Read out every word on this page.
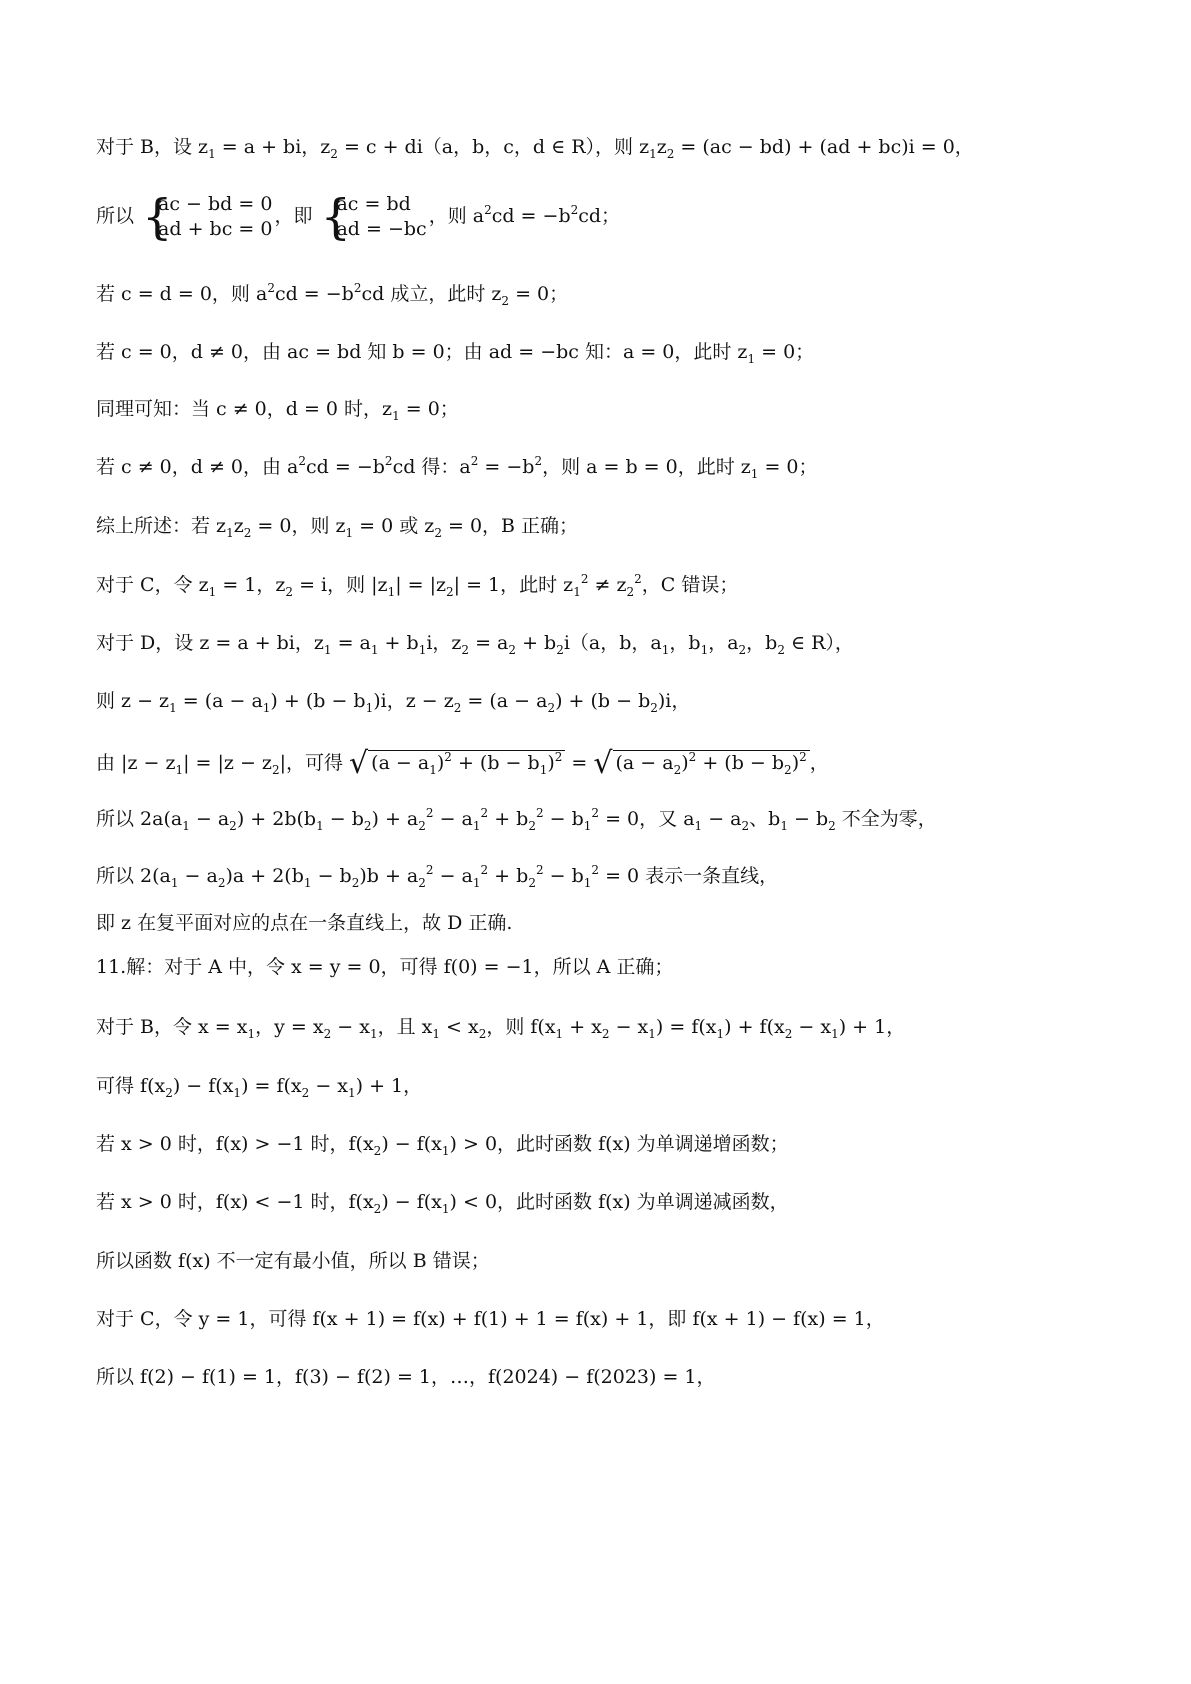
对于 B，设 $z_1 = a$ + bi，$z_2 = c + di(a$，b，c，d ∈ R），则 $z_1z_2 = (ac - bd) + (ad + bc)i = 0$，
所以 {
ac − bd = 0
ad + bc = 0
，即 {
ac = bd
ad = −bc
，则 $a^2cd = -b^2cd$；
若 c = d = 0，则 $a^2cd = -b^2cd$ 成立，此时 $z_2 = 0$；
若 c = 0，d ≠ 0，由 ac = bd 知 b = 0；由 ad = −bc 知：a = 0，此时 $z_1 = 0$；
同理可知：当 c ≠ 0，d = 0 时，$z_1 = 0$；
若 c ≠ 0，d ≠ 0，由 $a^2cd = -b^2cd$ 得：$a^2 = -b^2$，则 a = b = 0，此时 $z_1 = 0$；
综上所述：若 $z_1z_2 = 0$，则 $z_1 = 0$ 或 $z_2 = 0$，B 正确；
对于 C，令 $z_1 = 1$，$z_2 = i$，则 $|z_1| = |z_2| = 1$，此时 $z_1^2 \ne z_2^2$，C 错误；
对于 D，设 z = a + bi，$z_1 = a_1 + b_1i$，$z_2 = a_2 + b_2i(a$，b，$a_1$，$b_1$，$a_2$，$b_2$ ∈ R），
则 $z - z_1 = (a - a_1) + (b - b_1)i$，$z - z_2 = (a - a_2) + (b - b_2)i$，
由 $|z - z_1| = |z - z_2|$，可得 √ $(a - a_1)^2 + (b - b_1)^2$ = √ $(a - a_2)^2 + (b - b_2)^2$ ，
所以 $2a(a_1 - a_2) + 2b(b_1 - b_2) + a_2^2 - a_1^2 + b_2^2 - b_1^2 = 0$，又 $a_1 - a_2$、$b_1 - b_2$ 不全为零，
所以 $2(a_1 - a_2)a + 2(b_1 - b_2)b + a_2^2 - a_1^2 + b_2^2 - b_1^2 = 0$ 表示一条直线，
即 z 在复平面对应的点在一条直线上，故 D 正确.
11.解：对于 A 中，令 x = y = 0，可得 f(0) = −1，所以 A 正确；
对于 B，令 $x = x_1$，$y = x_2 - x_1$，且 $x_1 < x_2$，则 $f(x_1 + x_2 - x_1) = f(x_1) + f(x_2 - x_1) + 1$，
可得 $f(x_2) - f(x_1) = f(x_2 - x_1) + 1$，
若 x > 0 时，f(x) > −1 时，$f(x_2) - f(x_1) > 0$，此时函数 f(x) 为单调递增函数；
若 x > 0 时，f(x) < −1 时，$f(x_2) - f(x_1) < 0$，此时函数 f(x) 为单调递减函数，
所以函数 f(x) 不一定有最小值，所以 B 错误；
对于 C，令 y = 1，可得 f(x + 1) = f(x) + f(1) + 1 = f(x) + 1，即 f(x + 1) − f(x) = 1，
所以 f(2) − f(1) = 1，f(3) − f(2) = 1，…，f(2024) − f(2023) = 1，
